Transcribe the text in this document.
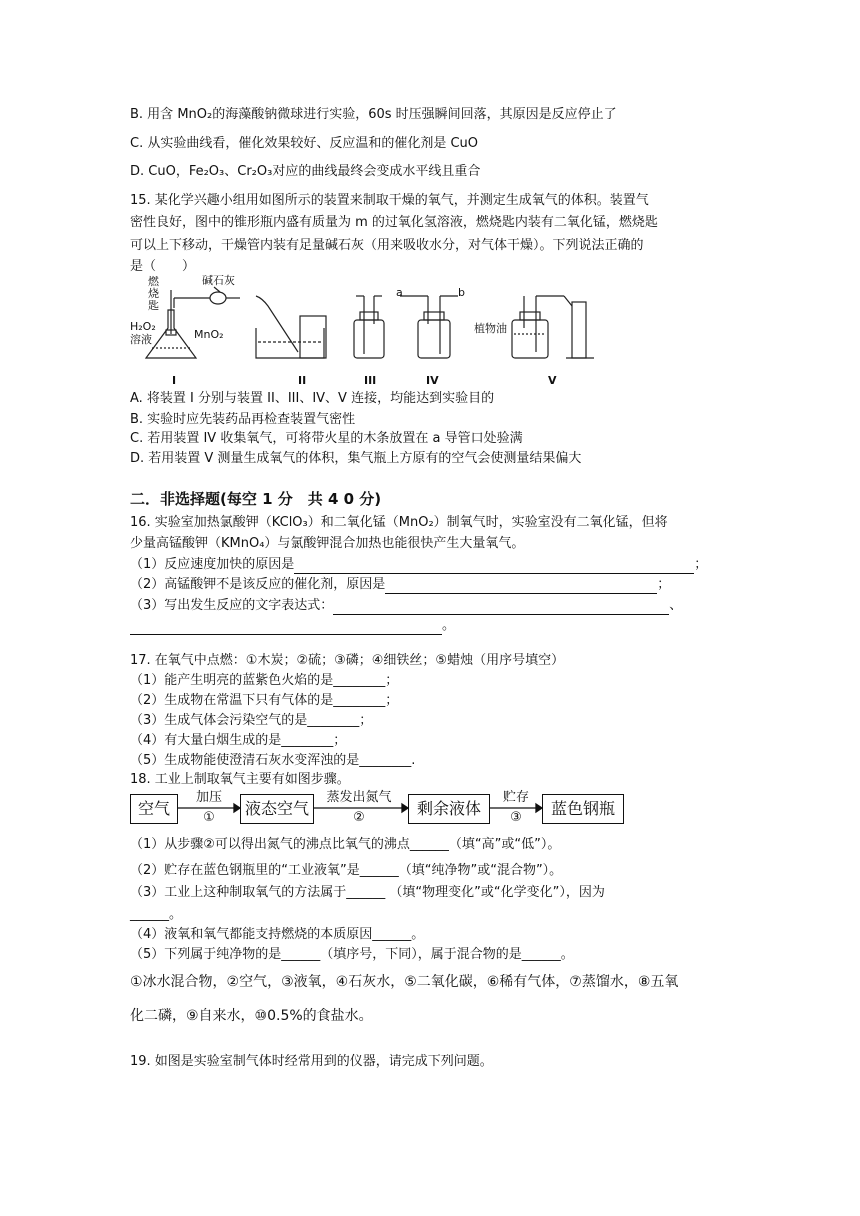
B. 用含 MnO₂的海藻酸钠微球进行实验，60s 时压强瞬间回落，其原因是反应停止了
C. 从实验曲线看，催化效果较好、反应温和的催化剂是 CuO
D. CuO，Fe₂O₃、Cr₂O₃对应的曲线最终会变成水平线且重合
15. 某化学兴趣小组用如图所示的装置来制取干燥的氧气，并测定生成氧气的体积。装置气
密性良好，图中的锥形瓶内盛有质量为 m 的过氧化氢溶液，燃烧匙内装有二氧化锰，燃烧匙
可以上下移动，干燥管内装有足量碱石灰（用来吸收水分，对气体干燥）。下列说法正确的
是（　　）
燃
烧
匙
碱石灰
H₂O₂
溶液	MnO₂	植物油
a	b
I	II	III	IV	V
A. 将装置 I 分别与装置 II、III、IV、V 连接，均能达到实验目的
B. 实验时应先装药品再检查装置气密性
C. 若用装置 IV 收集氧气，可将带火星的木条放置在 a 导管口处验满
D. 若用装置 V 测量生成氧气的体积，集气瓶上方原有的空气会使测量结果偏大
二．非选择题(每空 1 分　共 4 0 分)
16. 实验室加热氯酸钾（KClO₃）和二氧化锰（MnO₂）制氧气时，实验室没有二氧化锰，但将
少量高锰酸钾（KMnO₄）与氯酸钾混合加热也能很快产生大量氧气。
（1）反应速度加快的原因是	；
（2）高锰酸钾不是该反应的催化剂，原因是	；
（3）写出发生反应的文字表达式：	、
。
17. 在氧气中点燃：①木炭；②硫；③磷；④细铁丝；⑤蜡烛（用序号填空）
（1）能产生明亮的蓝紫色火焰的是________；
（2）生成物在常温下只有气体的是________；
（3）生成气体会污染空气的是________；
（4）有大量白烟生成的是________；
（5）生成物能使澄清石灰水变浑浊的是________.
18. 工业上制取氧气主要有如图步骤。
空气
加压
①	液态空气
蒸发出氮气
②	剩余液体
贮存
③	蓝色钢瓶
（1）从步骤②可以得出氮气的沸点比氧气的沸点______（填“高”或“低”）。
（2）贮存在蓝色钢瓶里的“工业液氧”是______（填“纯净物”或“混合物”）。
（3）工业上这种制取氧气的方法属于______ （填“物理变化”或“化学变化”），因为
______。
（4）液氧和氧气都能支持燃烧的本质原因______。
（5）下列属于纯净物的是______（填序号，下同），属于混合物的是______。
①冰水混合物，②空气，③液氧，④石灰水，⑤二氧化碳，⑥稀有气体，⑦蒸馏水，⑧五氧
化二磷，⑨自来水，⑩0.5%的食盐水。
19. 如图是实验室制气体时经常用到的仪器，请完成下列问题。
